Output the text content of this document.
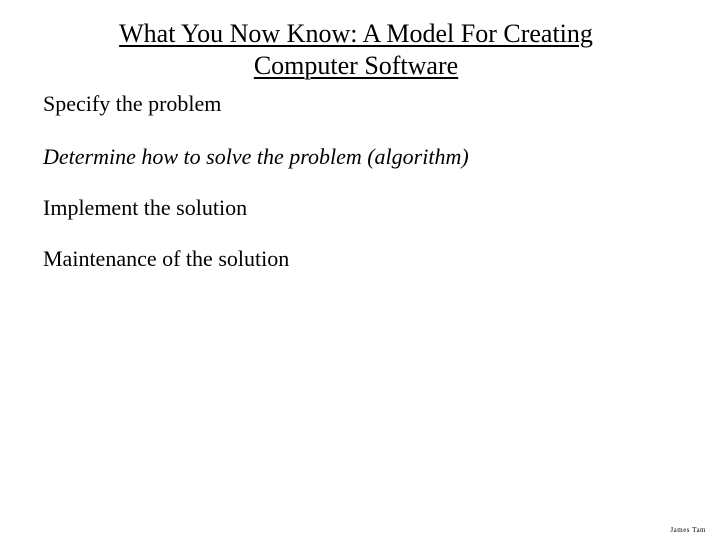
What You Now Know: A Model For Creating
Computer Software
Specify the problem
Determine how to solve the problem (algorithm)
Implement the solution
Maintenance of the solution
James Tam
